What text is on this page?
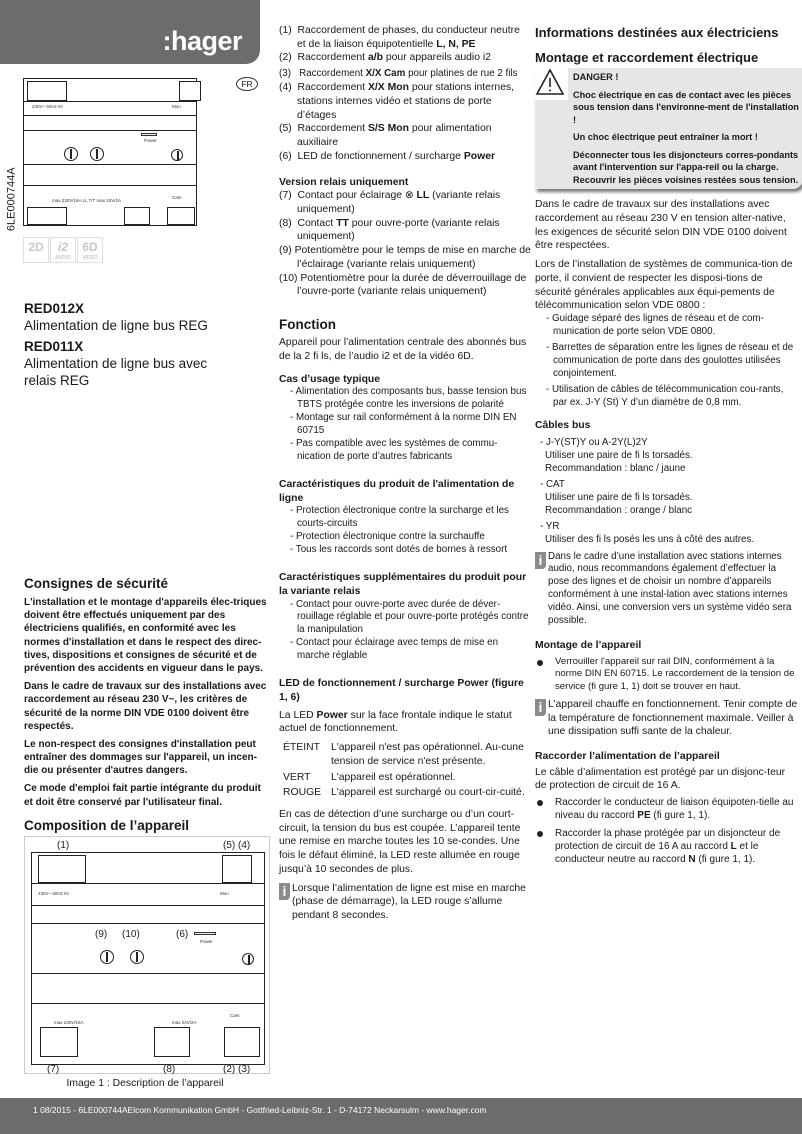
:hager
FR
230V~ 50Hz IN	Mon
Power
max 230V/16A LL T/T max 24V/2A
Cam
6LE000744A
2D	i2
AUDIO
6D
VIDEO
RED012X
Alimentation de ligne bus REG
RED011X
Alimentation de ligne bus avec relais REG
Consignes de sécurité

L'installation et le montage d'appareils élec-triques doivent être effectués uniquement par des électriciens qualifiés, en conformité avec les normes d'installation et dans le respect des direc-tives, dispositions et consignes de sécurité et de prévention des accidents en vigueur dans le pays.

Dans le cadre de travaux sur des installations avec raccordement au réseau 230 V~, les critères de sécurité de la norme DIN VDE 0100 doivent être respectés.

Le non-respect des consignes d'installation peut entraîner des dommages sur l'appareil, un incen-die ou présenter d'autres dangers.

Ce mode d'emploi fait partie intégrante du produit et doit être conservé par l'utilisateur final.

Composition de l’appareil
(1)	(5) (4)
230V~ 50Hz IN	Mon
(9) (10)	(6)
Power
max 230V/16A	max 24V/2A
Cam
(7)	(8)	(2) (3)
Image 1 : Description de l’appareil
(1) Raccordement de phases, du conducteur neutre et de la liaison équipotentielle L, N, PE
(2) Raccordement a/b pour appareils audio i2
(3) Raccordement X/X Cam pour platines de rue 2 fils
(4) Raccordement X/X Mon pour stations internes, stations internes vidéo et stations de porte d’étages
(5) Raccordement S/S Mon pour alimentation auxiliaire
(6) LED de fonctionnement / surcharge Power
Version relais uniquement
(7) Contact pour éclairage ⊗ LL (variante relais uniquement)
(8) Contact TT pour ouvre-porte (variante relais uniquement)
(9) Potentiomètre pour le temps de mise en marche de l’éclairage (variante relais uniquement)
(10) Potentiomètre pour la durée de déverrouillage de l’ouvre-porte (variante relais uniquement)
Fonction

Appareil pour l’alimentation centrale des abonnés bus de la 2 fi ls, de l’audio i2 et de la vidéo 6D.

Cas d’usage typique
- Alimentation des composants bus, basse tension bus TBTS protégée contre les inversions de polarité
- Montage sur rail conformément à la norme DIN EN 60715
- Pas compatible avec les systèmes de commu-nication de porte d’autres fabricants
Caractéristiques du produit de l'alimentation de ligne
- Protection électronique contre la surcharge et les courts-circuits
- Protection électronique contre la surchauffe
- Tous les raccords sont dotés de bornes à ressort
Caractéristiques supplémentaires du produit pour la variante relais
- Contact pour ouvre-porte avec durée de déver-rouillage réglable et pour ouvre-porte protégés contre la manipulation
- Contact pour éclairage avec temps de mise en marche réglable
LED de fonctionnement / surcharge Power (figure 1, 6)

La LED Power sur la face frontale indique le statut actuel de fonctionnement.

ÉTEINT	L'appareil n'est pas opérationnel. Au-cune tension de service n'est présente.
VERT	L'appareil est opérationnel.
ROUGE	L'appareil est surchargé ou court-cir-cuité.

En cas de détection d’une surcharge ou d’un court-circuit, la tension du bus est coupée. L’appareil tente une remise en marche toutes les 10 se-condes. Une fois le défaut éliminé, la LED reste allumée en rouge jusqu’à 10 secondes de plus.

i Lorsque l’alimentation de ligne est mise en marche (phase de démarrage), la LED rouge s’allume pendant 8 secondes.
Informations destinées aux électriciens
Montage et raccordement électrique

DANGER !

Choc électrique en cas de contact avec les pièces sous tension dans l'environne-ment de l'installation !

Un choc électrique peut entraîner la mort !

Déconnecter tous les disjoncteurs corres-pondants avant l'intervention sur l'appa-reil ou la charge. Recouvrir les pièces voisines restées sous tension.

Dans le cadre de travaux sur des installations avec raccordement au réseau 230 V en tension alter-native, les exigences de sécurité selon DIN VDE 0100 doivent être respectées.

Lors de l’installation de systèmes de communica-tion de porte, il convient de respecter les disposi-tions de sécurité générales applicables aux équi-pements de télécommunication selon VDE 0800 :

- Guidage séparé des lignes de réseau et de com-munication de porte selon VDE 0800.
- Barrettes de séparation entre les lignes de réseau et de communication de porte dans des goulottes utilisées conjointement.
- Utilisation de câbles de télécommunication cou-rants, par ex. J-Y (St) Y d’un diamètre de 0,8 mm.
Câbles bus
- J-Y(ST)Y ou A-2Y(L)2Y
Utiliser une paire de fi ls torsadés.
Recommandation : blanc / jaune
- CAT
Utiliser une paire de fi ls torsadés.
Recommandation : orange / blanc
- YR
Utiliser des fi ls posés les uns à côté des autres.
i Dans le cadre d’une installation avec stations internes audio, nous recommandons également d’effectuer la pose des lignes et de choisir un nombre d’appareils conformément à une instal-lation avec stations internes vidéo. Ainsi, une conversion vers un système vidéo sera possible.
Montage de l’appareil
Verrouiller l'appareil sur rail DIN, conformément à la norme DIN EN 60715. Le raccordement de la tension de service (fi gure 1, 1) doit se trouver en haut.
i L’appareil chauffe en fonctionnement. Tenir compte de la température de fonctionnement maximale. Veiller à une dissipation suffi sante de la chaleur.
Raccorder l’alimentation de l’appareil

Le câble d’alimentation est protégé par un disjonc-teur de protection de circuit de 16 A.

Raccorder le conducteur de liaison équipoten-tielle au niveau du raccord PE (fi gure 1, 1).
Raccorder la phase protégée par un disjoncteur de protection de circuit de 16 A au raccord L et le conducteur neutre au raccord N (fi gure 1, 1).
1 08/2015 - 6LE000744AElcom Kommunikation GmbH - Gottfried-Leibniz-Str. 1 - D-74172 Neckarsulm - www.hager.com
